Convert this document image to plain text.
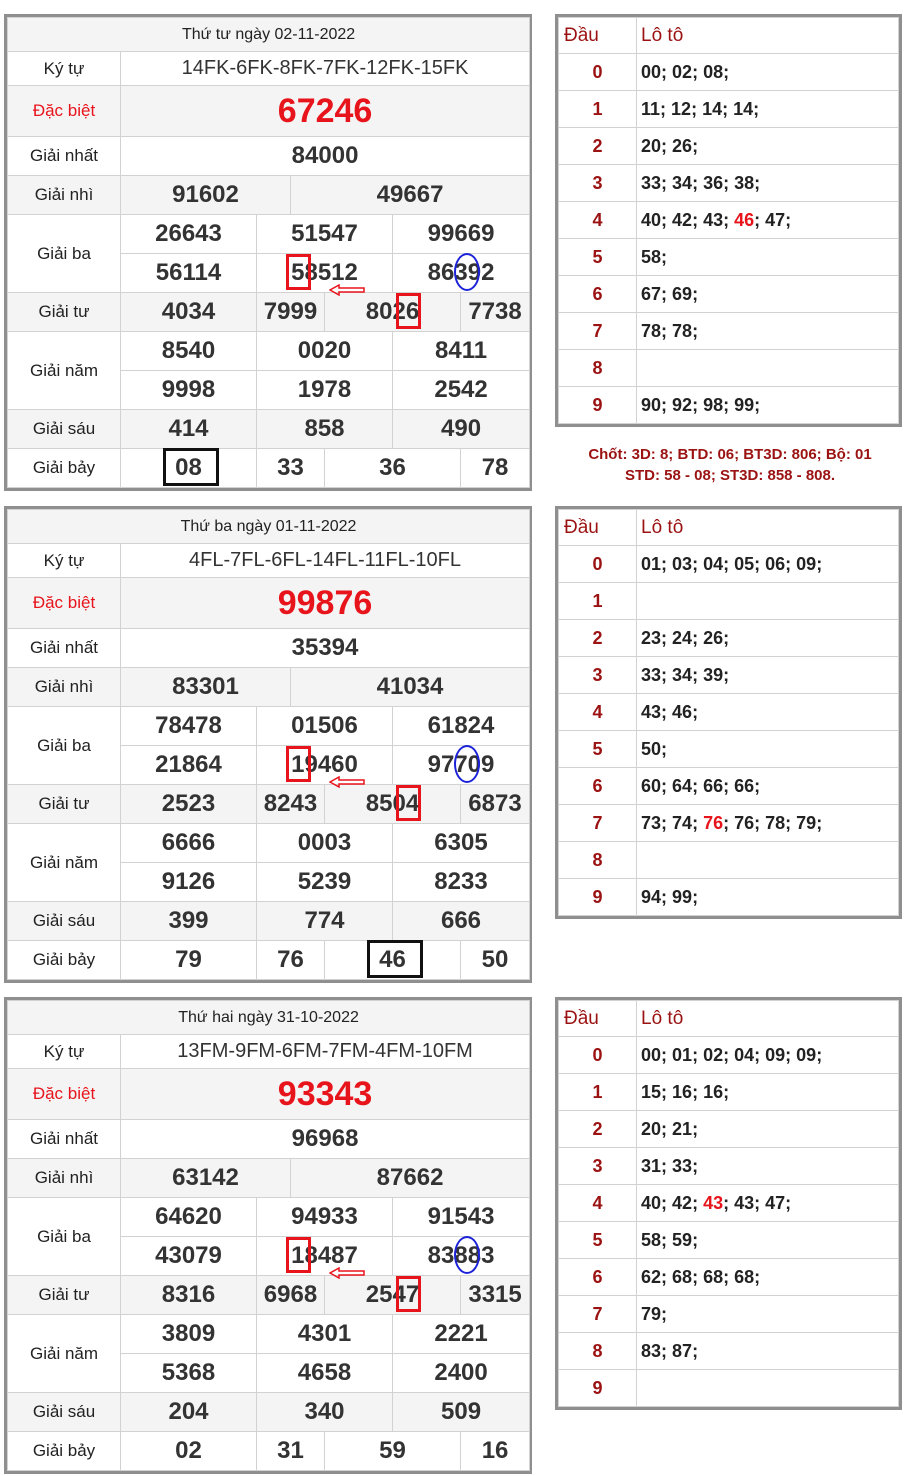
Thứ tư ngày 02-11-2022						
Ký tự	14FK-6FK-8FK-7FK-12FK-15FK					
Đặc biệt	67246					
Giải nhất	84000					
Giải nhì	91602		49667			
Giải ba	26643	51547			99669	
	56114	58512			86392	

Giải tư	4034	7999		8026		7738
Giải năm	8540	0020			8411	
	9998	1978			2542	
Giải sáu	414	858			490	
Giải bảy	08	33		36		78
Đầu	Lô tô
0	00; 02; 08;
1	11; 12; 14; 14;
2	20; 26;
3	33; 34; 36; 38;
4	40; 42; 43; 46; 47;
5	58;
6	67; 69;
7	78; 78;
8	
9	90; 92; 98; 99;
Chốt: 3D: 8; BTD: 06; BT3D: 806; Bộ: 01
STD: 58 - 08; ST3D: 858 - 808.
Thứ ba ngày 01-11-2022						
Ký tự	4FL-7FL-6FL-14FL-11FL-10FL					
Đặc biệt	99876					
Giải nhất	35394					
Giải nhì	83301		41034			
Giải ba	78478	01506			61824	
	21864	19460			97709	

Giải tư	2523	8243		8504		6873
Giải năm	6666	0003			6305	
	9126	5239			8233	
Giải sáu	399	774			666	
Giải bảy	79	76		46		50
Đầu	Lô tô
0	01; 03; 04; 05; 06; 09;
1	
2	23; 24; 26;
3	33; 34; 39;
4	43; 46;
5	50;
6	60; 64; 66; 66;
7	73; 74; 76; 76; 78; 79;
8	
9	94; 99;
Thứ hai ngày 31-10-2022						
Ký tự	13FM-9FM-6FM-7FM-4FM-10FM					
Đặc biệt	93343					
Giải nhất	96968					
Giải nhì	63142		87662			
Giải ba	64620	94933			91543	
	43079	18487			83883	

Giải tư	8316	6968		2547		3315
Giải năm	3809	4301			2221	
	5368	4658			2400	
Giải sáu	204	340			509	
Giải bảy	02	31		59		16
Đầu	Lô tô
0	00; 01; 02; 04; 09; 09;
1	15; 16; 16;
2	20; 21;
3	31; 33;
4	40; 42; 43; 43; 47;
5	58; 59;
6	62; 68; 68; 68;
7	79;
8	83; 87;
9	
